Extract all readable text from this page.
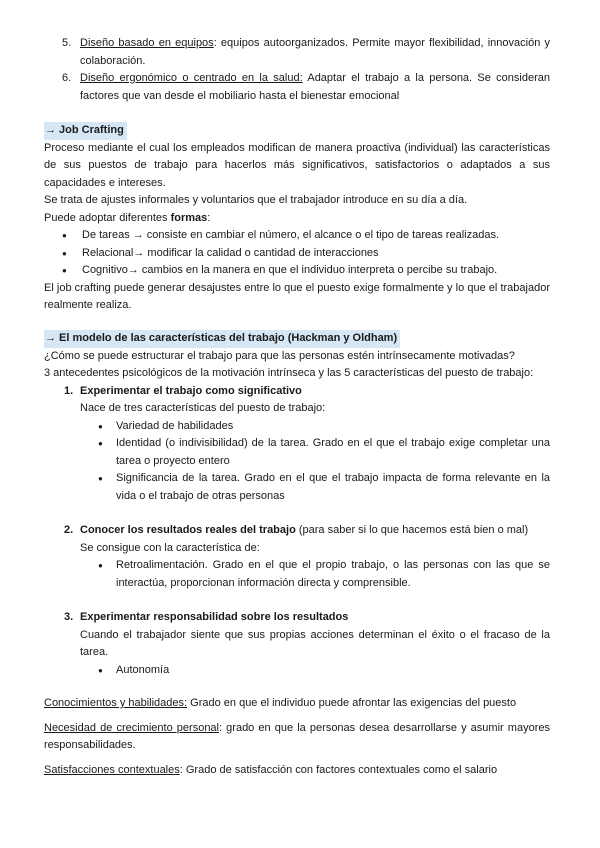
5. Diseño basado en equipos: equipos autoorganizados. Permite mayor flexibilidad, innovación y colaboración.
6. Diseño ergonómico o centrado en la salud: Adaptar el trabajo a la persona. Se consideran factores que van desde el mobiliario hasta el bienestar emocional
→ Job Crafting

Proceso mediante el cual los empleados modifican de manera proactiva (individual) las características de sus puestos de trabajo para hacerlos más significativos, satisfactorios o adaptados a sus capacidades e intereses.

Se trata de ajustes informales y voluntarios que el trabajador introduce en su día a día.

Puede adoptar diferentes formas:

● De tareas → consiste en cambiar el número, el alcance o el tipo de tareas realizadas.
● Relacional→ modificar la calidad o cantidad de interacciones
● Cognitivo→ cambios en la manera en que el individuo interpreta o percibe su trabajo.

El job crafting puede generar desajustes entre lo que el puesto exige formalmente y lo que el trabajador realmente realiza.

→ El modelo de las características del trabajo (Hackman y Oldham)

¿Cómo se puede estructurar el trabajo para que las personas estén intrínsecamente motivadas?

3 antecedentes psicológicos de la motivación intrínseca y las 5 características del puesto de trabajo:

1. Experimentar el trabajo como significativo
Nace de tres características del puesto de trabajo:
● Variedad de habilidades
● Identidad (o indivisibilidad) de la tarea. Grado en el que el trabajo exige completar una tarea o proyecto entero
● Significancia de la tarea. Grado en el que el trabajo impacta de forma relevante en la vida o el trabajo de otras personas
2. Conocer los resultados reales del trabajo (para saber si lo que hacemos está bien o mal)
Se consigue con la característica de:
● Retroalimentación. Grado en el que el propio trabajo, o las personas con las que se interactúa, proporcionan información directa y comprensible.
3. Experimentar responsabilidad sobre los resultados
Cuando el trabajador siente que sus propias acciones determinan el éxito o el fracaso de la tarea.
● Autonomía

Conocimientos y habilidades: Grado en que el individuo puede afrontar las exigencias del puesto

Necesidad de crecimiento personal: grado en que la personas desea desarrollarse y asumir mayores responsabilidades.

Satisfacciones contextuales: Grado de satisfacción con factores contextuales como el salario
